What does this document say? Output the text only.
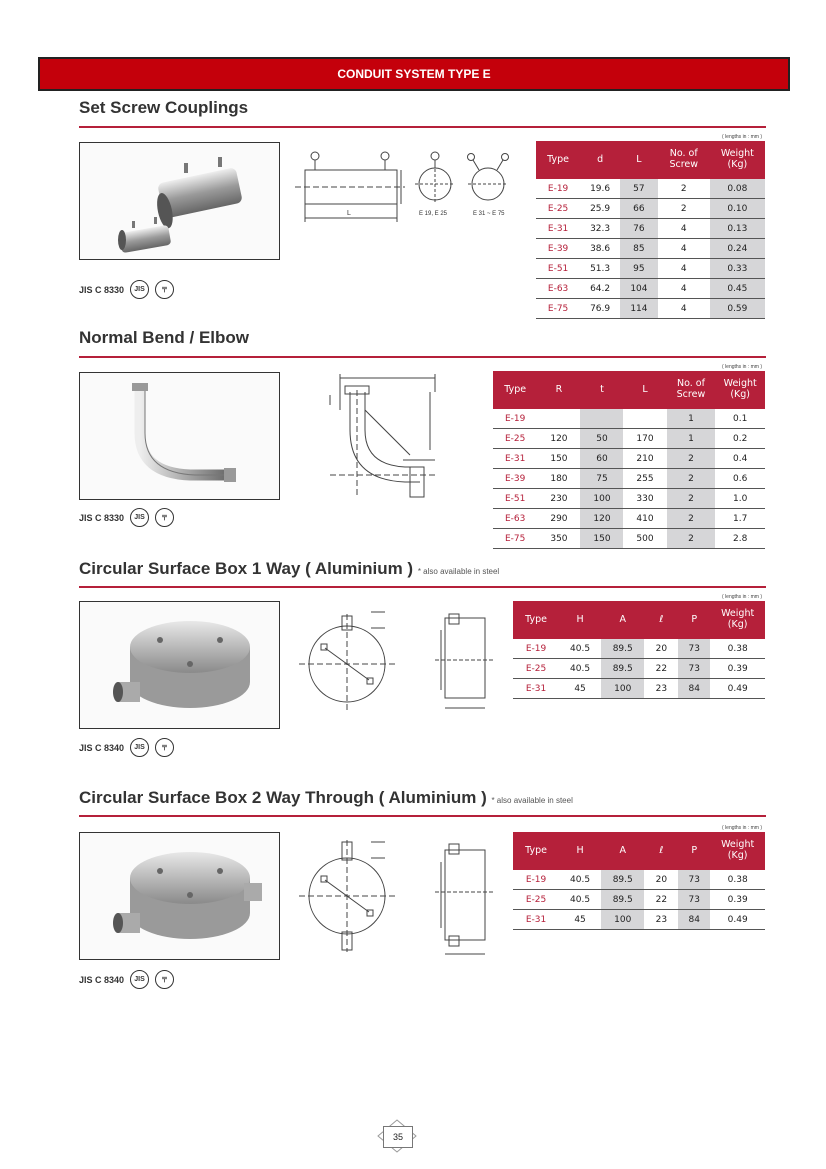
CONDUIT SYSTEM TYPE E
Set Screw Couplings
L	E 19, E 25	E 31 ~ E 75
JIS C 8330	JIS	〒
( lengths in : mm )
Type	d	L	No. of Screw	Weight (Kg)
E-19	19.6	57	2	0.08
E-25	25.9	66	2	0.10
E-31	32.3	76	4	0.13
E-39	38.6	85	4	0.24
E-51	51.3	95	4	0.33
E-63	64.2	104	4	0.45
E-75	76.9	114	4	0.59
Normal Bend / Elbow
JIS C 8330	JIS	〒
( lengths in : mm )
Type	R	t	L	No. of Screw	Weight (Kg)
E-19				1	0.1
E-25	120	50	170	1	0.2
E-31	150	60	210	2	0.4
E-39	180	75	255	2	0.6
E-51	230	100	330	2	1.0
E-63	290	120	410	2	1.7
E-75	350	150	500	2	2.8
Circular Surface Box 1 Way ( Aluminium ) * also available in steel
JIS C 8340	JIS	〒
( lengths in : mm )
Type	H	A	ℓ	P	Weight (Kg)
E-19	40.5	89.5	20	73	0.38
E-25	40.5	89.5	22	73	0.39
E-31	45	100	23	84	0.49
Circular Surface Box 2 Way Through ( Aluminium ) * also available in steel
JIS C 8340	JIS	〒
( lengths in : mm )
Type	H	A	ℓ	P	Weight (Kg)
E-19	40.5	89.5	20	73	0.38
E-25	40.5	89.5	22	73	0.39
E-31	45	100	23	84	0.49
35
